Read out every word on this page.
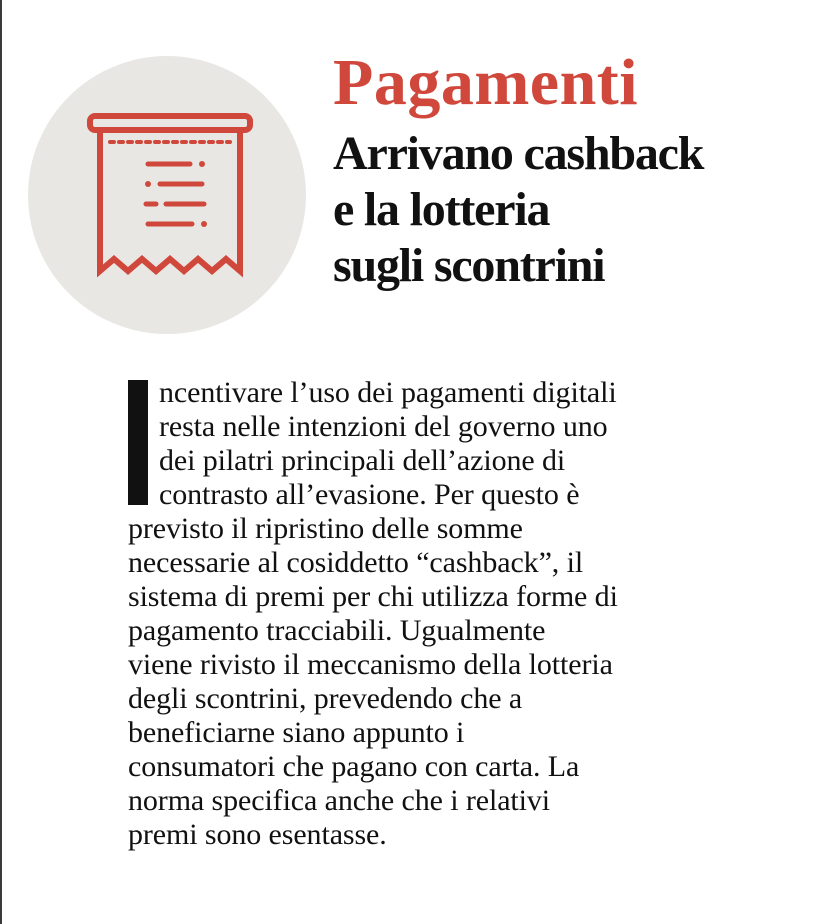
Pagamenti
Arrivano cashback
e la lotteria
sugli scontrini
ncentivare l’uso dei pagamenti digitali
resta nelle intenzioni del governo uno
dei pilatri principali dell’azione di
contrasto all’evasione. Per questo è
previsto il ripristino delle somme
necessarie al cosiddetto “cashback”, il
sistema di premi per chi utilizza forme di
pagamento tracciabili. Ugualmente
viene rivisto il meccanismo della lotteria
degli scontrini, prevedendo che a
beneficiarne siano appunto i
consumatori che pagano con carta. La
norma specifica anche che i relativi
premi sono esentasse.
